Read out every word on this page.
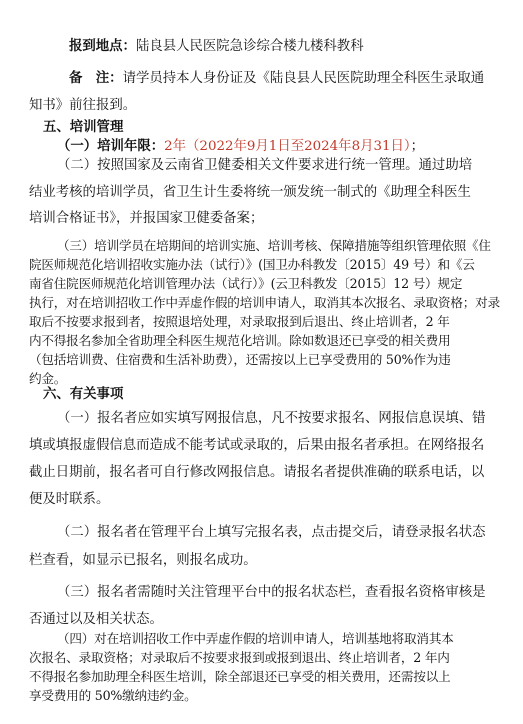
报到地点：陆良县人民医院急诊综合楼九楼科教科
备　注：请学员持本人身份证及《陆良县人民医院助理全科医生录取通
知书》前往报到。
五、培训管理
（一）培训年限：2年（2022年9月1日至2024年8月31日）；
（二）按照国家及云南省卫健委相关文件要求进行统一管理。通过助培
结业考核的培训学员，省卫生计生委将统一颁发统一制式的《助理全科医生
培训合格证书》，并报国家卫健委备案；
（三）培训学员在培期间的培训实施、培训考核、保障措施等组织管理依照《住
院医师规范化培训招收实施办法（试行）》(国卫办科教发〔2015〕49 号）和《云
南省住院医师规范化培训管理办法（试行）》(云卫科教发〔2015〕12 号）规定
执行，对在培训招收工作中弄虚作假的培训申请人，取消其本次报名、录取资格；对录
取后不按要求报到者，按照退培处理，对录取报到后退出、终止培训者，2 年
内不得报名参加全省助理全科医生规范化培训。除如数退还已享受的相关费用
（包括培训费、住宿费和生活补助费），还需按以上已享受费用的 50%作为违
约金。
六、有关事项
（一）报名者应如实填写网报信息，凡不按要求报名、网报信息误填、错
填或填报虚假信息而造成不能考试或录取的，后果由报名者承担。在网络报名
截止日期前，报名者可自行修改网报信息。请报名者提供准确的联系电话，以
便及时联系。
（二）报名者在管理平台上填写完报名表，点击提交后，请登录报名状态
栏查看，如显示已报名，则报名成功。
（三）报名者需随时关注管理平台中的报名状态栏，查看报名资格审核是
否通过以及相关状态。
（四）对在培训招收工作中弄虚作假的培训申请人，培训基地将取消其本
次报名、录取资格；对录取后不按要求报到或报到退出、终止培训者，2 年内
不得报名参加助理全科医生培训，除全部退还已享受的相关费用，还需按以上
享受费用的 50%缴纳违约金。
